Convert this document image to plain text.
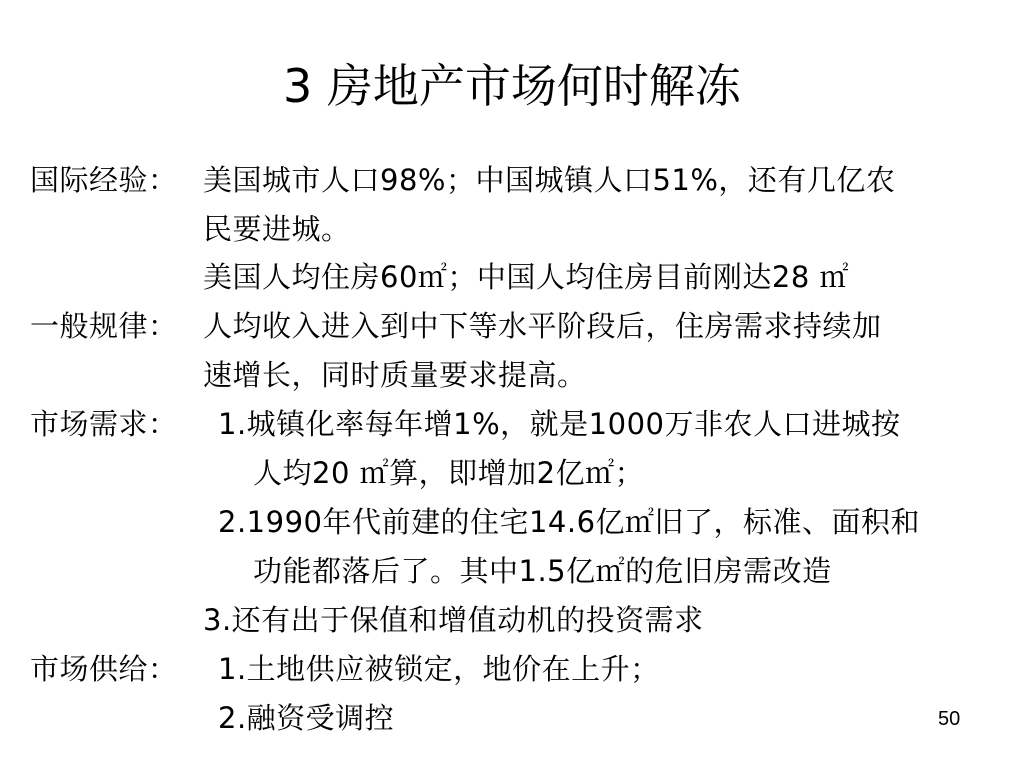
3 房地产市场何时解冻
国际经验： 美国城市人口98%；中国城镇人口51%，还有几亿农
民要进城。
美国人均住房60㎡；中国人均住房目前刚达28 ㎡
一般规律： 人均收入进入到中下等水平阶段后，住房需求持续加
速增长，同时质量要求提高。
市场需求： 1.城镇化率每年增1%，就是1000万非农人口进城按
人均20 ㎡算，即增加2亿㎡；
2.1990年代前建的住宅14.6亿㎡旧了，标准、面积和
功能都落后了。其中1.5亿㎡的危旧房需改造
3.还有出于保值和增值动机的投资需求
市场供给： 1.土地供应被锁定，地价在上升；
2.融资受调控	50
